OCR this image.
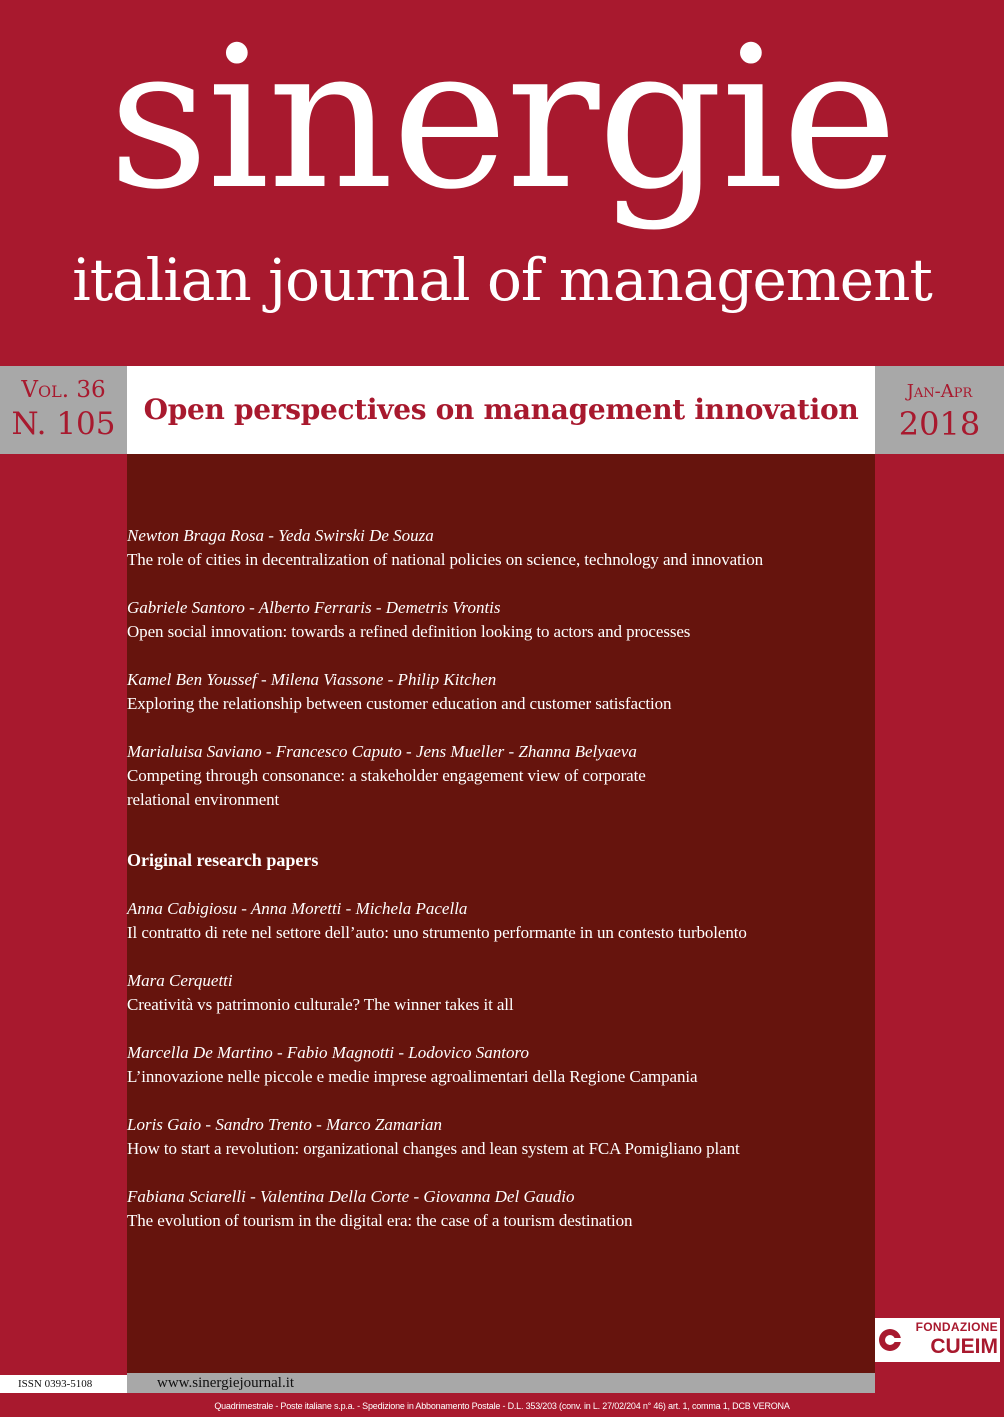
sinergie
italian journal of management
Vol. 36
N. 105	Open perspectives on management innovation
Jan-Apr
2018
Newton Braga Rosa - Yeda Swirski De Souza
The role of cities in decentralization of national policies on science, technology and innovation
Gabriele Santoro - Alberto Ferraris - Demetris Vrontis
Open social innovation: towards a refined definition looking to actors and processes
Kamel Ben Youssef - Milena Viassone - Philip Kitchen
Exploring the relationship between customer education and customer satisfaction
Marialuisa Saviano - Francesco Caputo - Jens Mueller - Zhanna Belyaeva
Competing through consonance: a stakeholder engagement view of corporate
relational environment
Original research papers
Anna Cabigiosu - Anna Moretti - Michela Pacella
Il contratto di rete nel settore dell’auto: uno strumento performante in un contesto turbolento
Mara Cerquetti
Creatività vs patrimonio culturale? The winner takes it all
Marcella De Martino - Fabio Magnotti - Lodovico Santoro
L’innovazione nelle piccole e medie imprese agroalimentari della Regione Campania
Loris Gaio - Sandro Trento - Marco Zamarian
How to start a revolution: organizational changes and lean system at FCA Pomigliano plant
Fabiana Sciarelli - Valentina Della Corte - Giovanna Del Gaudio
The evolution of tourism in the digital era: the case of a tourism destination
FONDAZIONE
CUEIM
ISSN 0393-5108	www.sinergiejournal.it
Quadrimestrale - Poste italiane s.p.a. - Spedizione in Abbonamento Postale - D.L. 353/203 (conv. in L. 27/02/204 n° 46) art. 1, comma 1, DCB VERONA
